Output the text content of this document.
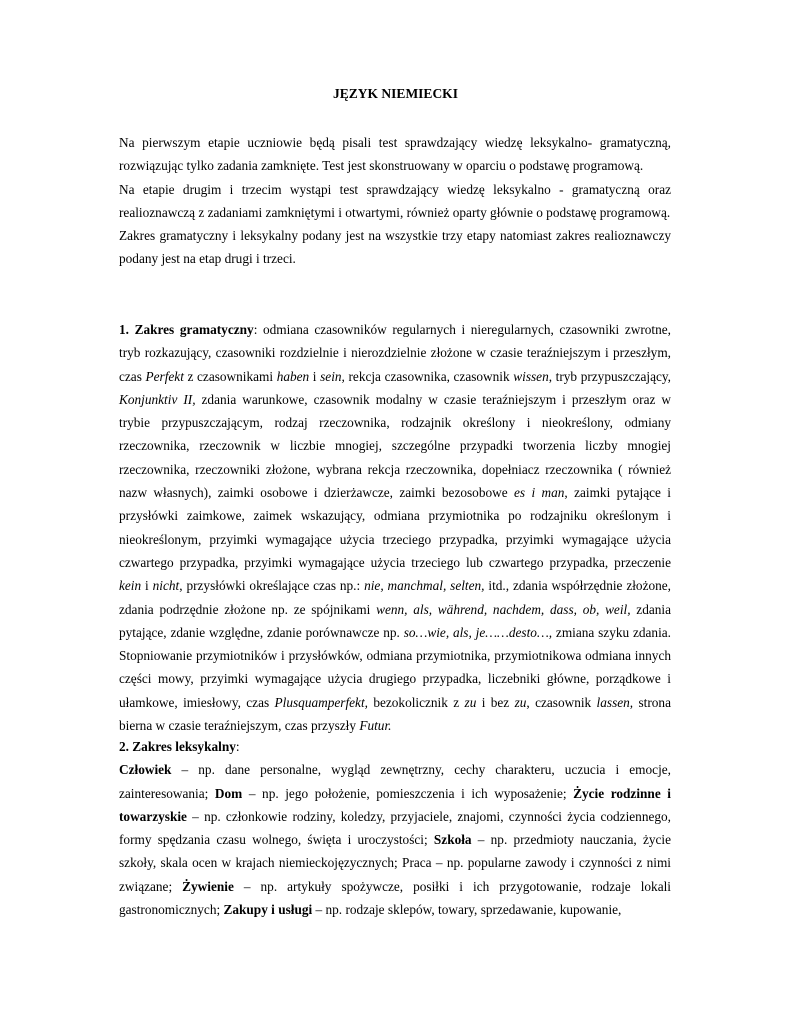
JĘZYK NIEMIECKI

Na pierwszym etapie uczniowie będą pisali test sprawdzający wiedzę leksykalno- gramatyczną, rozwiązując tylko zadania zamknięte. Test jest skonstruowany w oparciu o podstawę programową.

Na etapie drugim i trzecim wystąpi test sprawdzający wiedzę leksykalno - gramatyczną oraz realioznawczą z zadaniami zamkniętymi i otwartymi, również oparty głównie o podstawę programową.

Zakres gramatyczny i leksykalny podany jest na wszystkie trzy etapy natomiast zakres realioznawczy podany jest na etap drugi i trzeci.

1. Zakres gramatyczny: odmiana czasowników regularnych i nieregularnych, czasowniki zwrotne, tryb rozkazujący, czasowniki rozdzielnie i nierozdzielnie złożone w czasie teraźniejszym i przeszłym, czas Perfekt z czasownikami haben i sein, rekcja czasownika, czasownik wissen, tryb przypuszczający, Konjunktiv II, zdania warunkowe, czasownik modalny w czasie teraźniejszym i przeszłym oraz w trybie przypuszczającym, rodzaj rzeczownika, rodzajnik określony i nieokreślony, odmiany rzeczownika, rzeczownik w liczbie mnogiej, szczególne przypadki tworzenia liczby mnogiej rzeczownika, rzeczowniki złożone, wybrana rekcja rzeczownika, dopełniacz rzeczownika ( również nazw własnych), zaimki osobowe i dzierżawcze, zaimki bezosobowe es i man, zaimki pytające i przysłówki zaimkowe, zaimek wskazujący, odmiana przymiotnika po rodzajniku określonym i nieokreślonym, przyimki wymagające użycia trzeciego przypadka, przyimki wymagające użycia czwartego przypadka, przyimki wymagające użycia trzeciego lub czwartego przypadka, przeczenie kein i nicht, przysłówki określające czas np.: nie, manchmal, selten, itd., zdania współrzędnie złożone, zdania podrzędnie złożone np. ze spójnikami wenn, als, während, nachdem, dass, ob, weil, zdania pytające, zdanie względne, zdanie porównawcze np. so…wie, als, je……desto…, zmiana szyku zdania. Stopniowanie przymiotników i przysłówków, odmiana przymiotnika, przymiotnikowa odmiana innych części mowy, przyimki wymagające użycia drugiego przypadka, liczebniki główne, porządkowe i ułamkowe, imiesłowy, czas Plusquamperfekt, bezokolicznik z zu i bez zu, czasownik lassen, strona bierna w czasie teraźniejszym, czas przyszły Futur.

2. Zakres leksykalny:

Człowiek – np. dane personalne, wygląd zewnętrzny, cechy charakteru, uczucia i emocje, zainteresowania; Dom – np. jego położenie, pomieszczenia i ich wyposażenie; Życie rodzinne i towarzyskie – np. członkowie rodziny, koledzy, przyjaciele, znajomi, czynności życia codziennego, formy spędzania czasu wolnego, święta i uroczystości; Szkoła – np. przedmioty nauczania, życie szkoły, skala ocen w krajach niemieckojęzycznych; Praca – np. popularne zawody i czynności z nimi związane; Żywienie – np. artykuły spożywcze, posiłki i ich przygotowanie, rodzaje lokali gastronomicznych; Zakupy i usługi – np. rodzaje sklepów, towary, sprzedawanie, kupowanie,
